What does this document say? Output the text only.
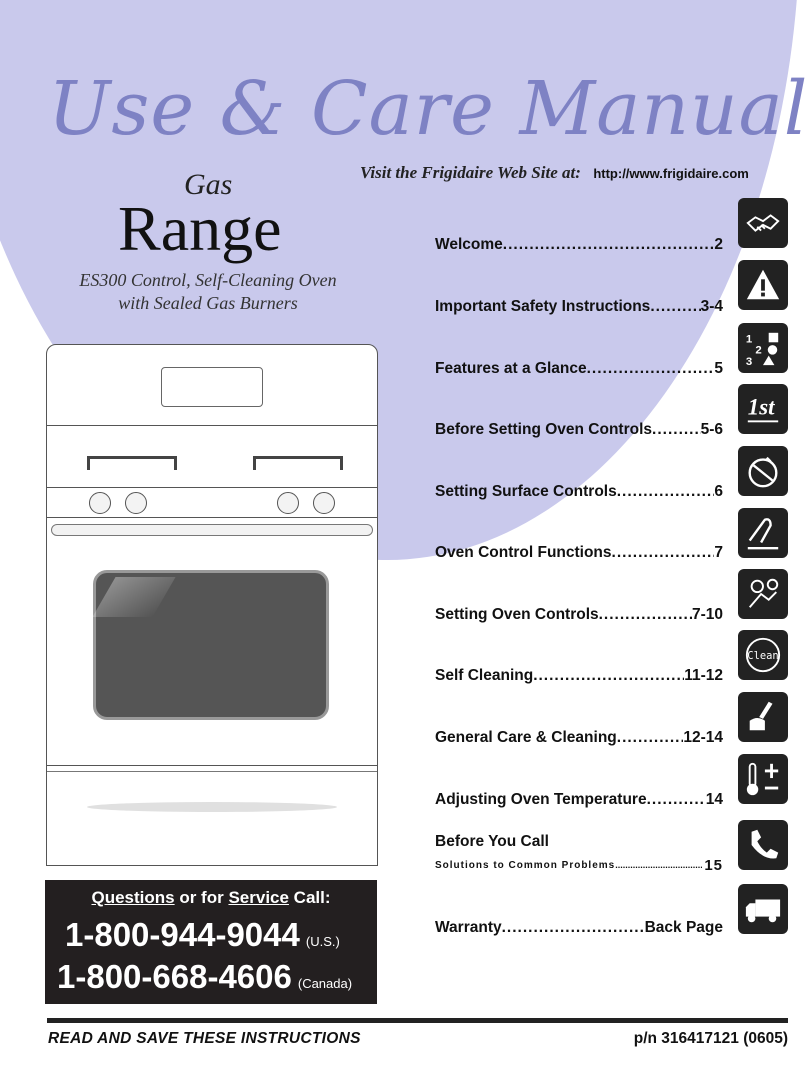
Use & Care Manual
Visit the Frigidaire Web Site at: http://www.frigidaire.com
Gas
Range
ES300 Control, Self-Cleaning Oven
with Sealed Gas Burners
Questions or for Service Call:
1-800-944-9044 (U.S.)
1-800-668-4606 (Canada)
Welcome .....	2
Important Safety Instructions .....	3-4
Features at a Glance .....	5
Before Setting Oven Controls .....	5-6
Setting Surface Controls .....	6
Oven Control Functions .....	7
Setting Oven Controls .....	7-10
Self Cleaning .....	11-12
General Care & Cleaning .....	12-14
Adjusting Oven Temperature .....	14
Before You Call
Solutions to Common Problems .....	15
Warranty .....	Back Page
1
2
3
1st
Clean
READ AND SAVE THESE INSTRUCTIONS	p/n 316417121 (0605)
